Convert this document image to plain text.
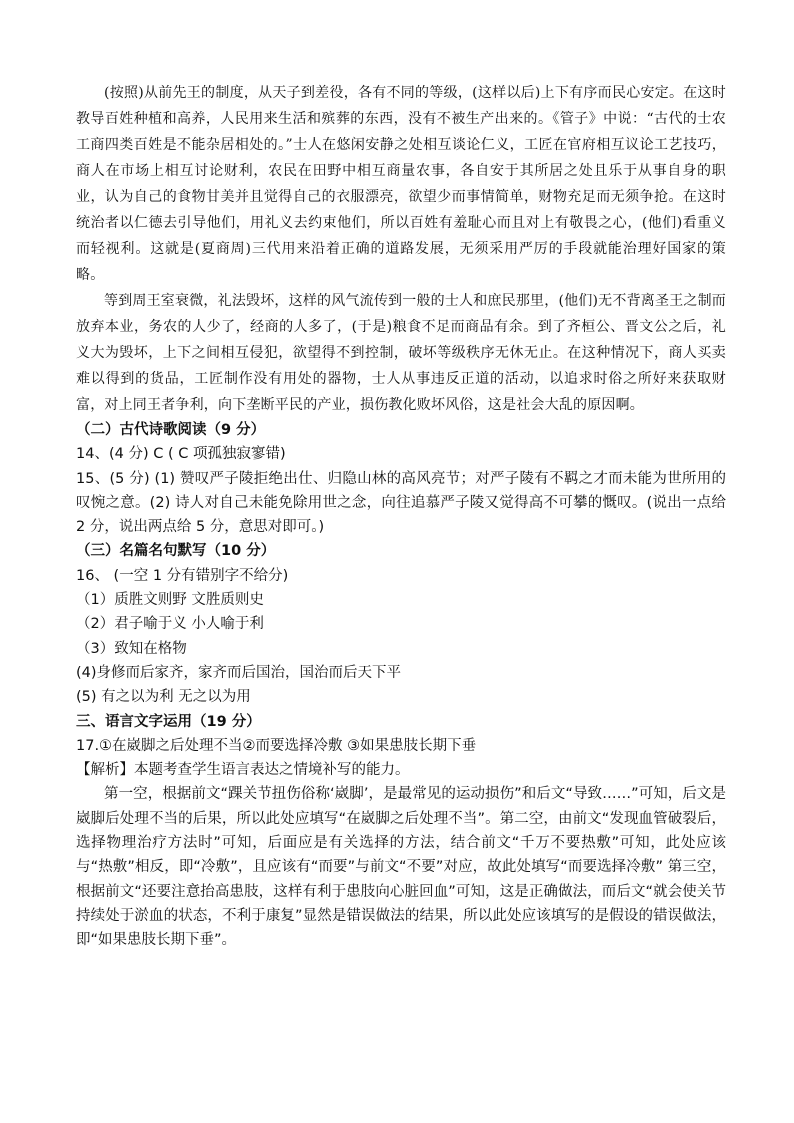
(按照)从前先王的制度，从天子到差役，各有不同的等级，(这样以后)上下有序而民心安定。在这时教导百姓种植和高养，人民用来生活和殡葬的东西，没有不被生产出来的。《管子》中说：“古代的士农工商四类百姓是不能杂居相处的。”士人在悠闲安静之处相互谈论仁义，工匠在官府相互议论工艺技巧，商人在市场上相互讨论财利，农民在田野中相互商量农事，各自安于其所居之处且乐于从事自身的职业，认为自己的食物甘美并且觉得自己的衣服漂亮，欲望少而事情简单，财物充足而无须争抢。在这时统治者以仁德去引导他们，用礼义去约束他们，所以百姓有羞耻心而且对上有敬畏之心，(他们)看重义而轻视利。这就是(夏商周)三代用来沿着正确的道路发展，无须采用严厉的手段就能治理好国家的策略。

等到周王室衰微，礼法毁坏，这样的风气流传到一般的士人和庶民那里，(他们)无不背离圣王之制而放弃本业，务农的人少了，经商的人多了，(于是)粮食不足而商品有余。到了齐桓公、晋文公之后，礼义大为毁坏，上下之间相互侵犯，欲望得不到控制，破坏等级秩序无休无止。在这种情况下，商人买卖难以得到的货品，工匠制作没有用处的器物，士人从事违反正道的活动，以追求时俗之所好来获取财富，对上同王者争利，向下垄断平民的产业，损伤教化败坏风俗，这是社会大乱的原因啊。

（二）古代诗歌阅读（9 分）

14、(4 分) C ( C 项孤独寂寥错)

15、(5 分) (1) 赞叹严子陵拒绝出仕、归隐山林的高风亮节；对严子陵有不羁之才而未能为世所用的叹惋之意。(2) 诗人对自己未能免除用世之念，向往追慕严子陵又觉得高不可攀的慨叹。(说出一点给 2 分，说出两点给 5 分，意思对即可。)

（三）名篇名句默写（10 分）

16、 (一空 1 分有错别字不给分)

（1）质胜文则野 文胜质则史

（2）君子喻于义 小人喻于利

（3）致知在格物

(4)身修而后家齐，家齐而后国治，国治而后天下平

(5) 有之以为利 无之以为用

三、语言文字运用（19 分）

17.①在崴脚之后处理不当②而要选择冷敷 ③如果患肢长期下垂

【解析】本题考查学生语言表达之情境补写的能力。

第一空，根据前文“踝关节扭伤俗称‘崴脚’，是最常见的运动损伤”和后文“导致……”可知，后文是崴脚后处理不当的后果，所以此处应填写“在崴脚之后处理不当”。第二空，由前文“发现血管破裂后，选择物理治疗方法时”可知，后面应是有关选择的方法，结合前文“千万不要热敷”可知，此处应该与“热敷”相反，即“冷敷”，且应该有“而要”与前文“不要”对应，故此处填写“而要选择冷敷” 第三空，根据前文“还要注意抬高患肢，这样有利于患肢向心脏回血”可知，这是正确做法，而后文“就会使关节持续处于淤血的状态，不利于康复”显然是错误做法的结果，所以此处应该填写的是假设的错误做法，即“如果患肢长期下垂”。
